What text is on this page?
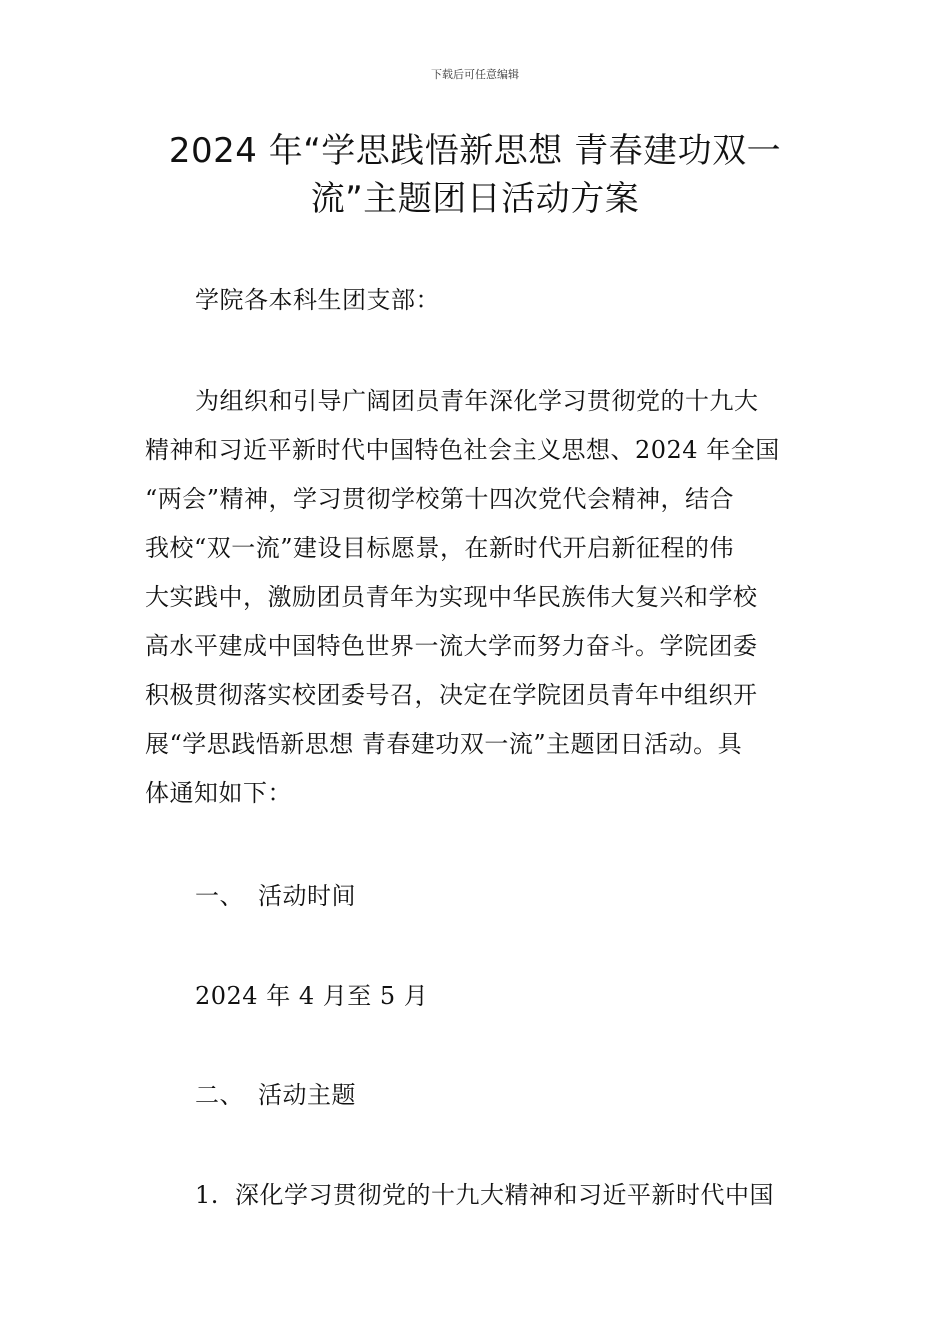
下载后可任意编辑
2024 年“学思践悟新思想 青春建功双一
流”主题团日活动方案
学院各本科生团支部：
为组织和引导广阔团员青年深化学习贯彻党的十九大
精神和习近平新时代中国特色社会主义思想、2024 年全国
“两会”精神，学习贯彻学校第十四次党代会精神，结合
我校“双一流”建设目标愿景，在新时代开启新征程的伟
大实践中，激励团员青年为实现中华民族伟大复兴和学校
高水平建成中国特色世界一流大学而努力奋斗。学院团委
积极贯彻落实校团委号召，决定在学院团员青年中组织开
展“学思践悟新思想 青春建功双一流”主题团日活动。具
体通知如下：
一、 活动时间
2024 年 4 月至 5 月
二、 活动主题
1. 深化学习贯彻党的十九大精神和习近平新时代中国
